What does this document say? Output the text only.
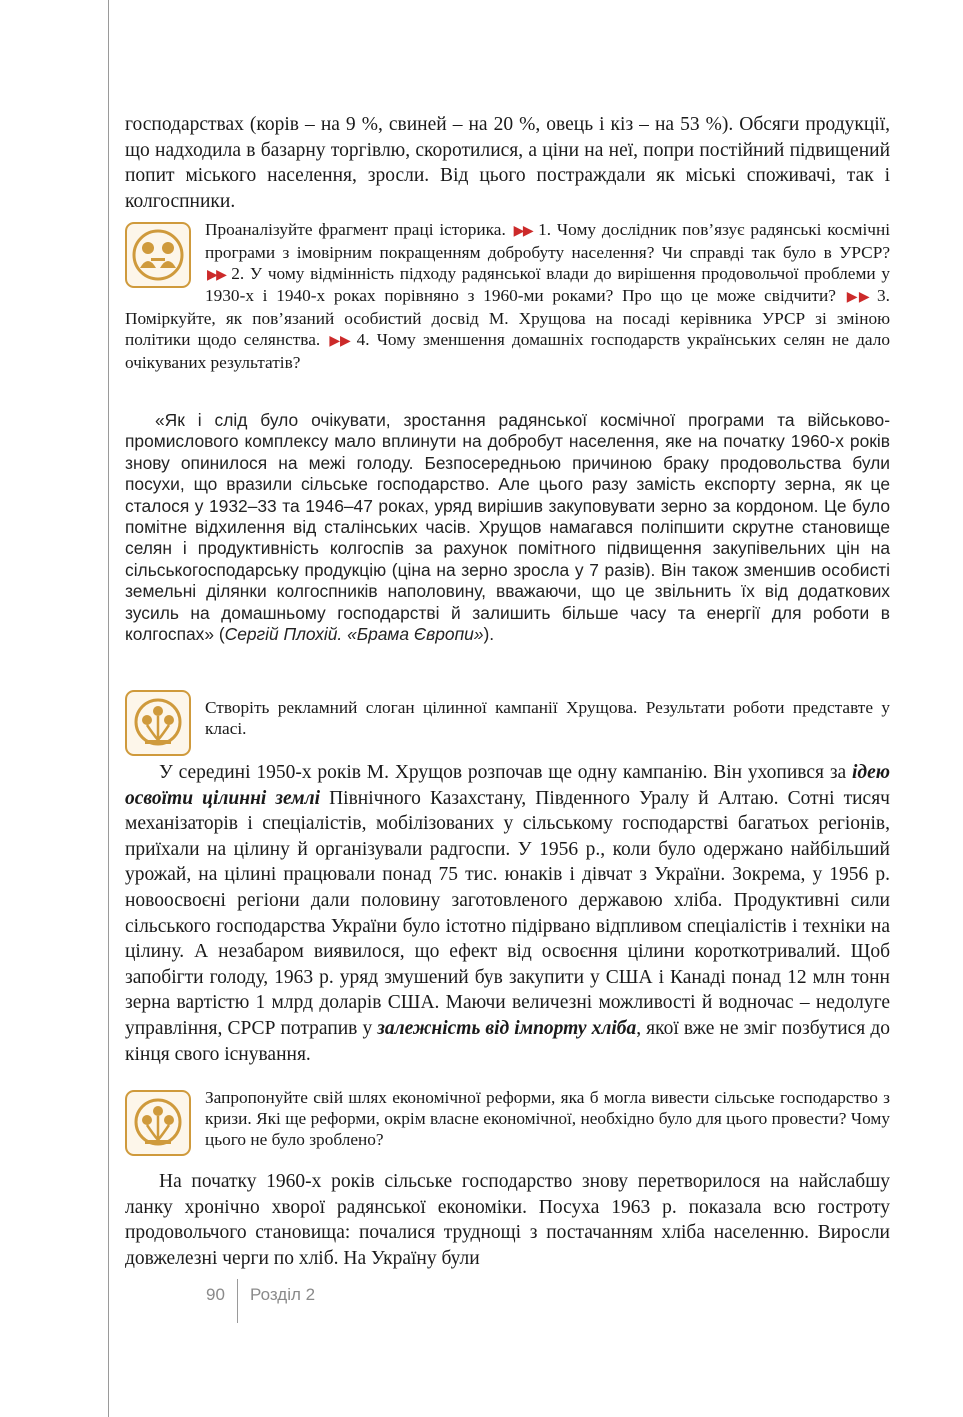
господарствах (корів – на 9 %, свиней – на 20 %, овець і кіз – на 53 %). Обсяги продукції, що надходила в базарну торгівлю, скоротилися, а ціни на неї, попри постійний підвищений попит міського населення, зросли. Від цього постраждали як міські споживачі, так і колгоспники.

Проаналізуйте фрагмент праці історика. ▶▶ 1. Чому дослідник пов’язує радянські космічні програми з імовірним покращенням добробуту населення? Чи справді так було в УРСР? ▶▶ 2. У чому відмінність підходу радянської влади до вирішення продовольчої проблеми у 1930-х і 1940-х роках порівняно з 1960-ми роками? Про що це може свідчити? ▶▶ 3. Поміркуйте, як пов’язаний особистий досвід М. Хрущова на посаді керівника УРСР зі зміною політики щодо селянства. ▶▶ 4. Чому зменшення домашніх господарств українських селян не дало очікуваних результатів?

«Як і слід було очікувати, зростання радянської космічної програми та військово-промислового комплексу мало вплинути на добробут населення, яке на початку 1960-х років знову опинилося на межі голоду. Безпосередньою причиною браку продовольства були посухи, що вразили сільське господарство. Але цього разу замість експорту зерна, як це сталося у 1932–33 та 1946–47 роках, уряд вирішив закуповувати зерно за кордоном. Це було помітне відхилення від сталінських часів. Хрущов намагався поліпшити скрутне становище селян і продуктивність колгоспів за рахунок помітного підвищення закупівельних цін на сільськогосподарську продукцію (ціна на зерно зросла у 7 разів). Він також зменшив особисті земельні ділянки колгоспників наполовину, вважаючи, що це звільнить їх від додаткових зусиль на домашньому господарстві й залишить більше часу та енергії для роботи в колгоспах» (Сергій Плохій. «Брама Європи»).

Створіть рекламний слоган цілинної кампанії Хрущова. Результати роботи представте у класі.

У середині 1950-х років М. Хрущов розпочав ще одну кампанію. Він ухопився за ідею освоїти цілинні землі Північного Казахстану, Південного Уралу й Алтаю. Сотні тисяч механізаторів і спеціалістів, мобілізованих у сільському господарстві багатьох регіонів, приїхали на цілину й організували радгоспи. У 1956 р., коли було одержано найбільший урожай, на цілині працювали понад 75 тис. юнаків і дівчат з України. Зокрема, у 1956 р. новоосвоєні регіони дали половину заготовленого державою хліба. Продуктивні сили сільського господарства України було істотно підірвано відпливом спеціалістів і техніки на цілину. А незабаром виявилося, що ефект від освоєння цілини короткотривалий. Щоб запобігти голоду, 1963 р. уряд змушений був закупити у США і Канаді понад 12 млн тонн зерна вартістю 1 млрд доларів США. Маючи величезні можливості й водночас – недолуге управління, СРСР потрапив у залежність від імпорту хліба, якої вже не зміг позбутися до кінця свого існування.

Запропонуйте свій шлях економічної реформи, яка б могла вивести сільське господарство з кризи. Які ще реформи, окрім власне економічної, необхідно було для цього провести? Чому цього не було зроблено?

На початку 1960-х років сільське господарство знову перетворилося на найслабшу ланку хронічно хворої радянської економіки. Посуха 1963 р. показала всю гостроту продовольчого становища: почалися труднощі з постачанням хліба населенню. Виросли довжелезні черги по хліб. На Україну були

90 Розділ 2
